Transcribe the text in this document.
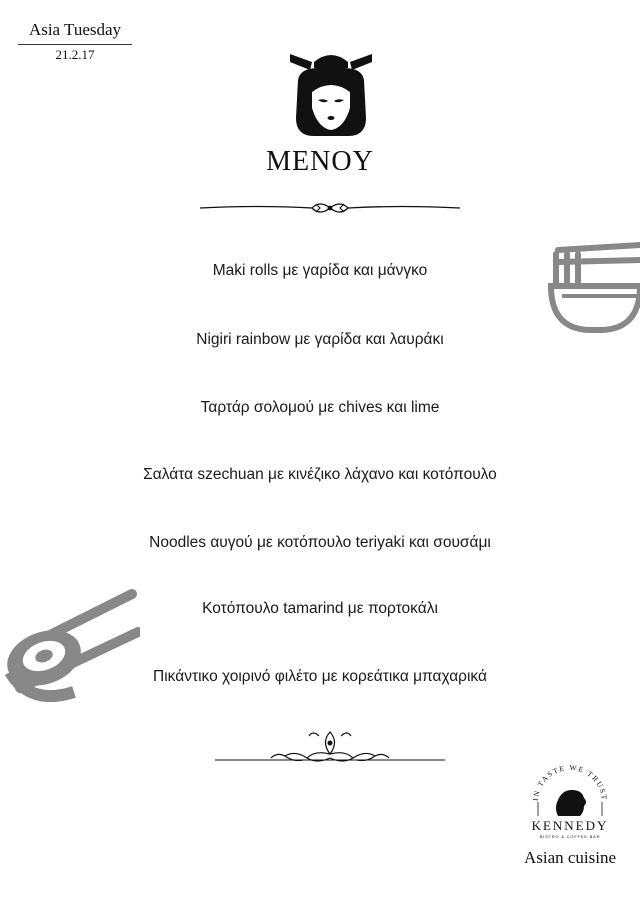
Asia Tuesday
21.2.17
MENOY
Maki rolls με γαρίδα και μάνγκο
Nigiri rainbow με γαρίδα και λαυράκι
Ταρτάρ σολομού με chives και lime
Σαλάτα szechuan με κινέζικο λάχανο και κοτόπουλο
Noodles αυγού με κοτόπουλο teriyaki και σουσάμι
Κοτόπουλο tamarind με πορτοκάλι
Πικάντικο χοιρινό φιλέτο με κορεάτικα μπαχαρικά
IN TASTE WE TRUST
KENNEDY
BISTRO & COFFEE BAR
Asian cuisine
